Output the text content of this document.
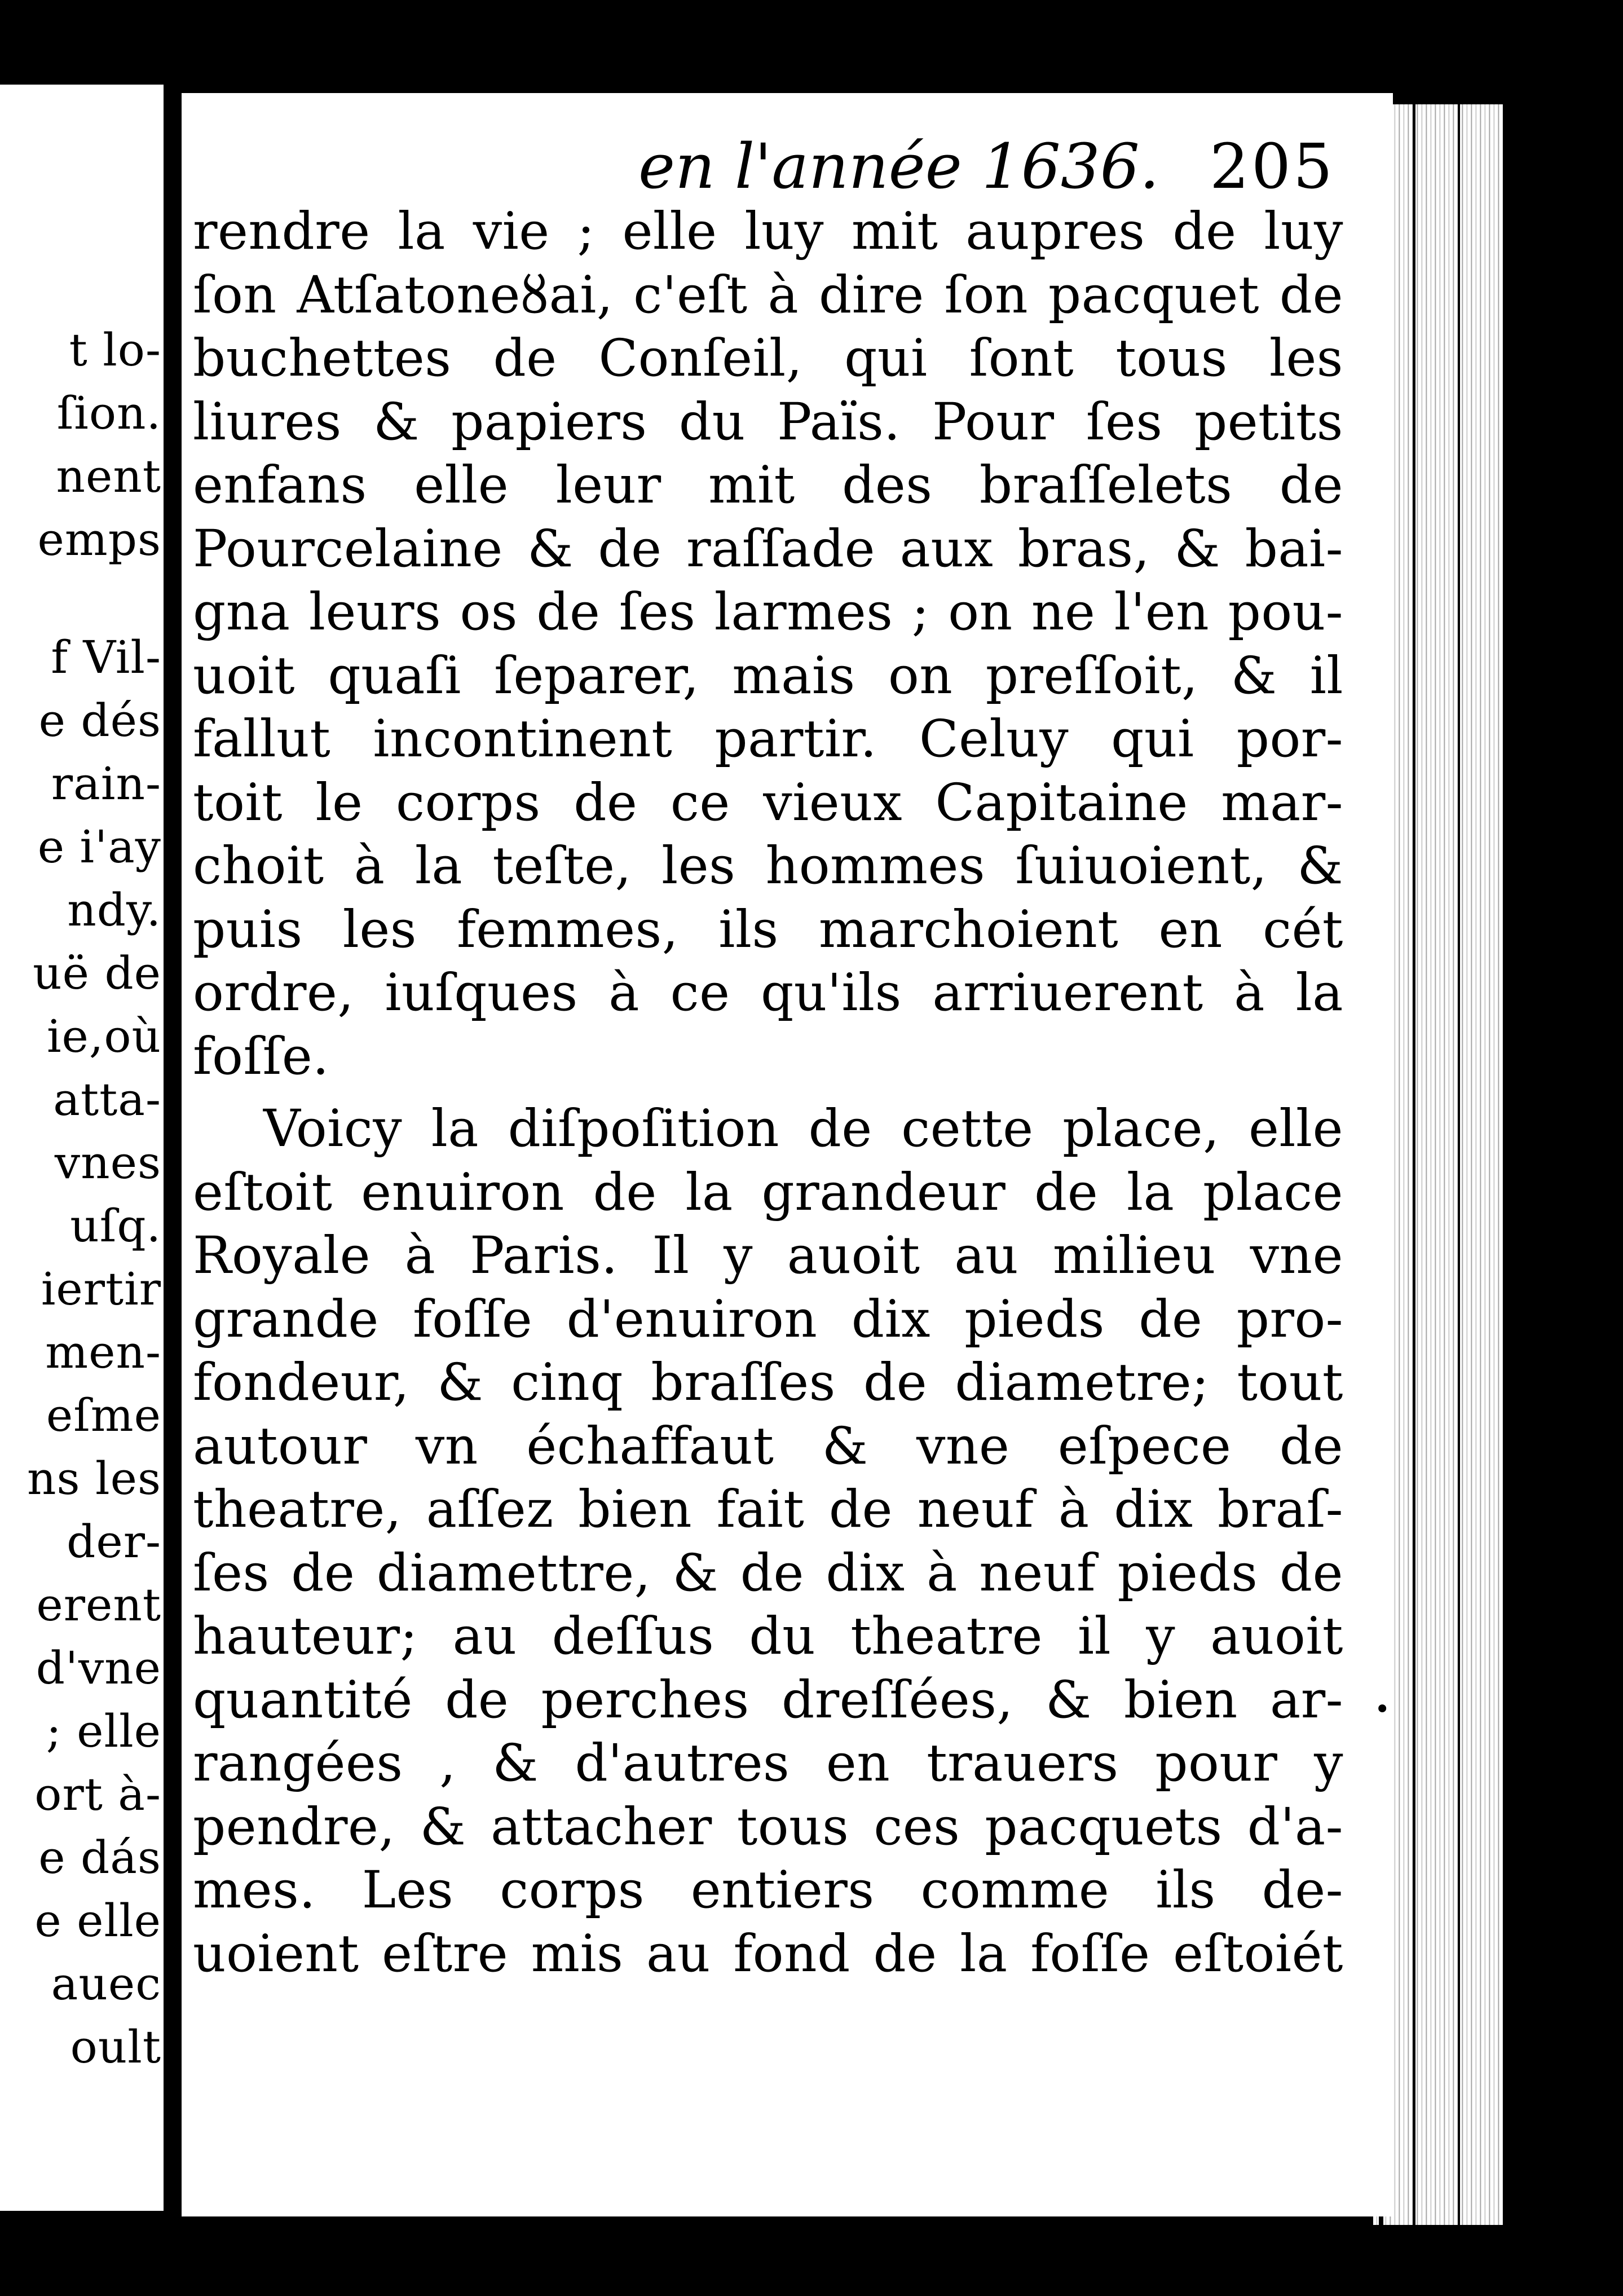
t lo-

ſion.

nent

emps

f Vil-

e dés

rain-

e i'ay

ndy.

uë de

ie,où

atta-

vnes

uſq.

iertir

men-

eſme

ns les

der-

erent

d'vne

; elle

ort à-

e dás

e elle

auec

oult

en l'année 1636. 205

rendre la vie ; elle luy mit aupres de luy

ſon Atſatoneȣai, c'eſt à dire ſon pacquet de

buchettes de Conſeil, qui ſont tous les

liures & papiers du Païs. Pour ſes petits

enfans elle leur mit des braſſelets de

Pourcelaine & de raſſade aux bras, & bai-

gna leurs os de ſes larmes ; on ne l'en pou-

uoit quaſi ſeparer, mais on preſſoit, & il

fallut incontinent partir. Celuy qui por-

toit le corps de ce vieux Capitaine mar-

choit à la teſte, les hommes ſuiuoient, &

puis les femmes, ils marchoient en cét

ordre, iuſques à ce qu'ils arriuerent à la

foſſe.

Voicy la diſpoſition de cette place, elle

eſtoit enuiron de la grandeur de la place

Royale à Paris. Il y auoit au milieu vne

grande foſſe d'enuiron dix pieds de pro-

fondeur, & cinq braſſes de diametre; tout

autour vn échaffaut & vne eſpece de

theatre, aſſez bien fait de neuf à dix braſ-

ſes de diamettre, & de dix à neuf pieds de

hauteur; au deſſus du theatre il y auoit

quantité de perches dreſſées, & bien ar-

rangées , & d'autres en trauers pour y

pendre, & attacher tous ces pacquets d'a-

mes. Les corps entiers comme ils de-

uoient eſtre mis au fond de la foſſe eſtoiét

•
